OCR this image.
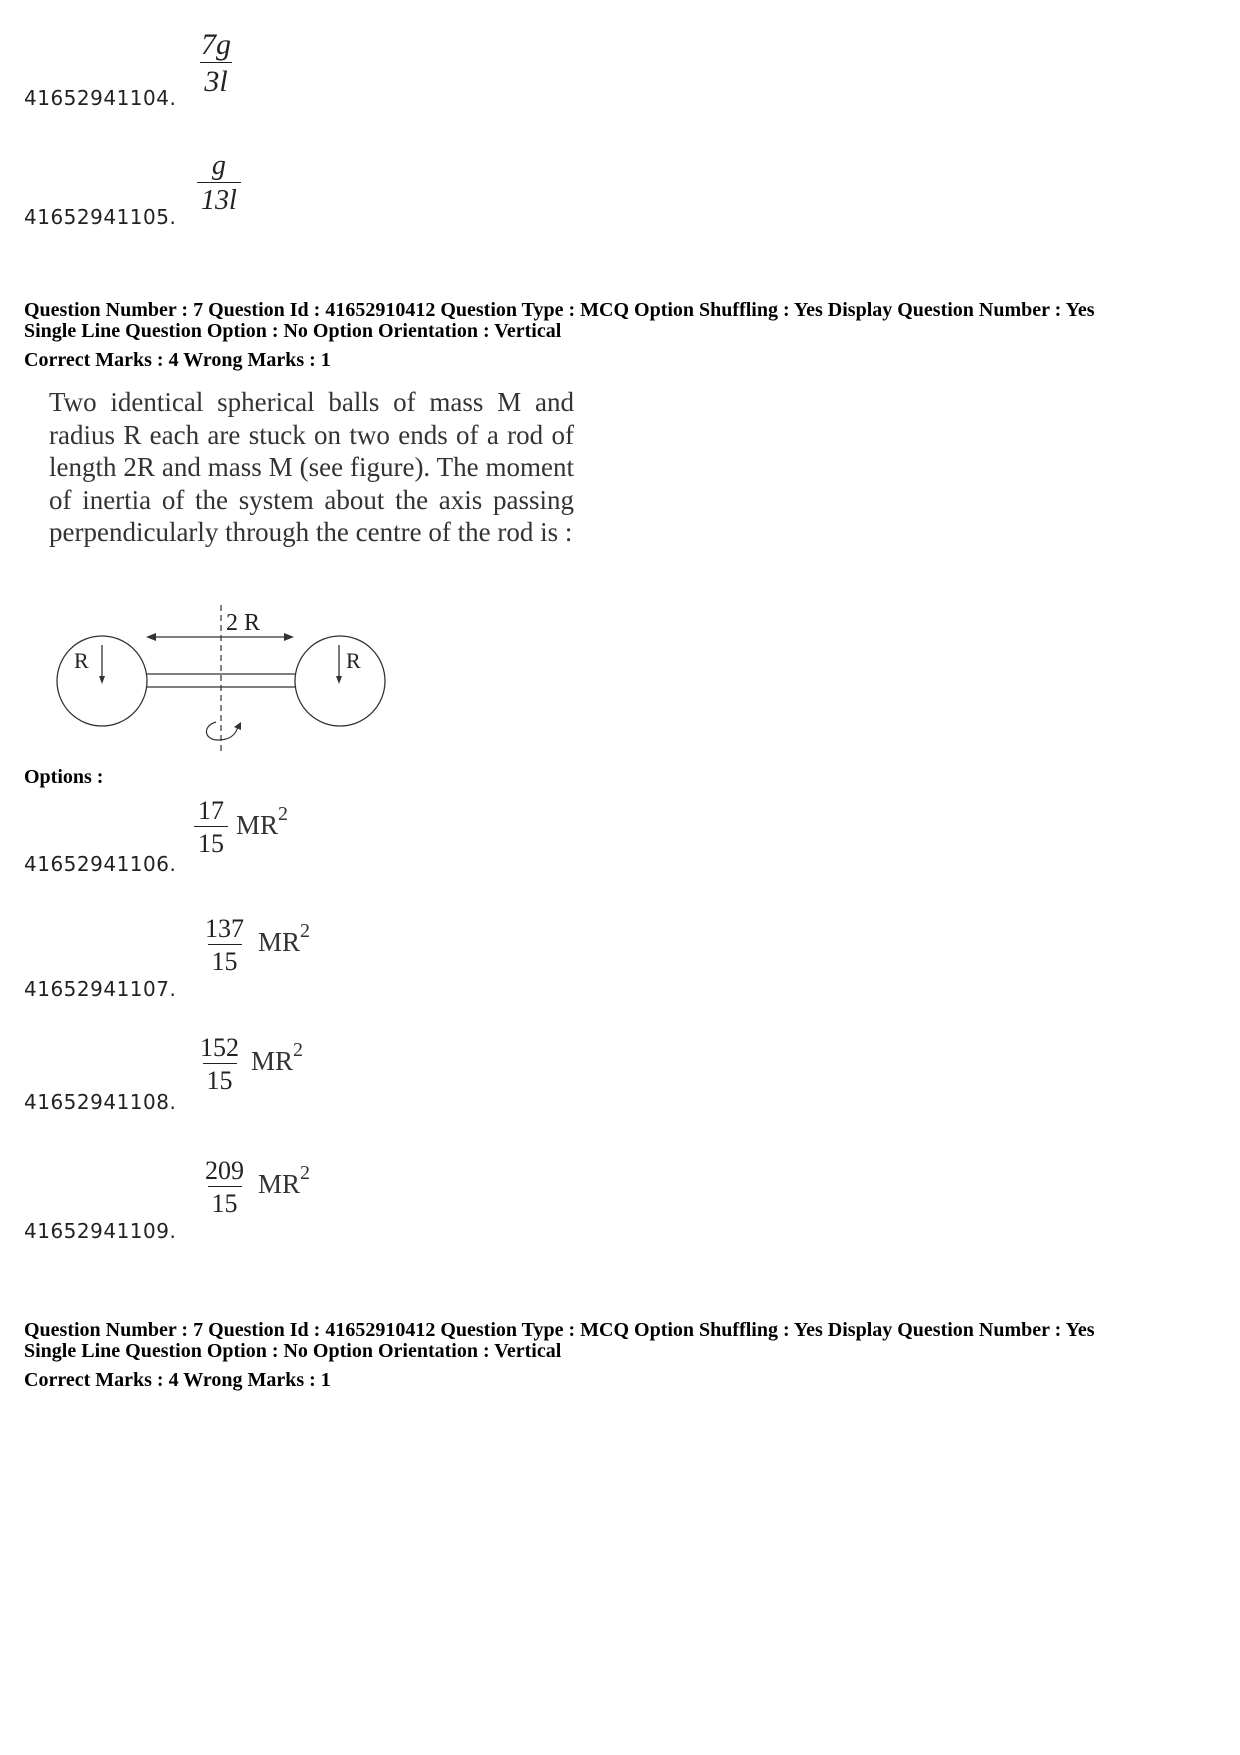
41652941104.
$\frac{7g}{3l}$
41652941105.
$\frac{g}{13l}$
Question Number : 7 Question Id : 41652910412 Question Type : MCQ Option Shuffling : Yes Display Question Number : Yes
Single Line Question Option : No Option Orientation : Vertical
Correct Marks : 4 Wrong Marks : 1
Two identical spherical balls of mass M and radius R each are stuck on two ends of a rod of length 2R and mass M (see figure). The moment of inertia of the system about the axis passing perpendicularly through the centre of the rod is :
2 R
R	R
Options :
41652941106.
$\frac{17}{15} MR^2$
41652941107.
$\frac{137}{15} MR^2$
41652941108.
$\frac{152}{15} MR^2$
41652941109.
$\frac{209}{15} MR^2$
Question Number : 7 Question Id : 41652910412 Question Type : MCQ Option Shuffling : Yes Display Question Number : Yes
Single Line Question Option : No Option Orientation : Vertical
Correct Marks : 4 Wrong Marks : 1
